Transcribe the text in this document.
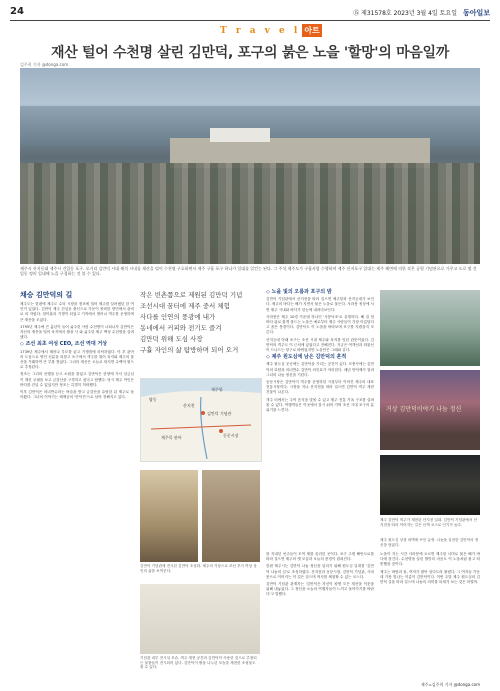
24	⑮ 제31578호 2023년 3월 4일 토요일 동아일보
T r a v e l 아트
재산 털어 수천명 살린 김만덕, 포구의 붉은 노을 '할망'의 마음일까
김주희 기자 @donga.com
제주시 산지등대 제주시 건입동 포구. 오거리 김만덕 시대 해석 시내를 재산을 털어 수천명 구호하면서 제주 구휼 포구 하나가 일대를 일컫는 된다. 그 주석 제주도가 구휼사업 수행하며 제주 산지포구 일대는 제주 해변에 의한 작은 공원 기념관으로 가꾸고 도로 옆 건입동 정비 일대에 노을 구경하는 것 볼 수 있다.
채승 김만덕의 길

제주도는 한편에 제주도 수의 시장을 정조에 열어 제주를 살려냈던 한 여인이 있었다. 김만덕 제주 건입동 출신으로 가문이 몰락한 양민에서 관비로 의 자랐다. 열아홉의 기생이 되었고 기적에서 벗어나 객주를 운영하며 큰 재산을 모았다.

1795년 제주에 큰 흉년이 들어 굶주린 사람 수천명이 나타나자 김만덕은 자신의 재산을 털어 육지에서 쌀을 사 와 굶주린 제주 백성 수천명을 살려냈다.

◇ 조선 최초 여성 CEO, 조선 역대 거상

1739년 제주에서 태어나 부모를 잃고 기생집에 의탁하였다. 이 후 관아의 도움으로 양인 신분을 되찾고 포구에서 객주를 열어 육지와 제주의 물산을 거래하여 큰 부를 쌓았다. 그녀의 재산은 오늘로 따지면 수백억 원으로 추정된다.

정조는 그녀의 선행을 듣고 소원을 물었고 김만덕은 한양에 가서 임금님이 계신 궁궐을 보고 금강산을 구경하고 싶다고 답했다. 당시 제주 여인은 바다를 건널 수 없었지만 정조는 특별히 허락했다.

이후 김만덕은 의녀반수라는 벼슬을 받고 금강산을 유람한 뒤 제주로 돌아왔다. 그녀의 이야기는 채제공의 '만덕전'으로 남아 전해지고 있다.

작은 빈촌쯤으로 제원된 김만덕 기념
조선시대 꿈터에 제주 중서 체험
사다를 인연의 풍광에 내가
동네에서 커피와 전기도 즐겨
김만덕 위해 도심 사장
구휼 자인의 삶 탐방하며 되어 오거
제주항
산지천
김만덕 기념관
동문시장
제주목 관아
탑동
김만덕 기념관에 전시된 김만덕 초상화. 제주의 거상으로 조선 후기 여성 상인의 삶을 보여준다.
기념관 내부 전시실 모습. 객주 재현 공간과 김만덕이 사용한 것으로 추정되는 물품들이 전시되어 있다. 김만덕이 쌀을 나누던 모습을 재현한 조형물도 볼 수 있다.

◇ 노을 빛의 오름과 포구의 밤

김만덕 기념관에서 산지천을 따라 걸으면 제주항과 산지등대가 보인다. 제주의 바다는 해가 지면서 붉은 노을로 물든다. 사라봉 정상에 서면 제주 시내와 바다가 한눈에 내려다보인다.

사라봉은 제주 10경 가운데 하나인 '사봉낙조'로 유명하다. 해 질 녘 바다 위로 붉게 물드는 노을은 예로부터 제주 사람들이 가장 아름답다고 꼽은 풍경이다. 김만덕도 이 노을을 바라보며 포구를 지켰을지 모른다.

산지등대 아래 포구는 조선 시대 제주와 육지를 잇던 관문이었다. 김만덕의 객주도 이 근처에 있었다고 전해진다. 지금은 여객선과 화물선이 드나드는 항구로 바뀌었지만 노을만은 그때와 같다.

◇ 제주 원도심에 남은 김만덕의 흔적

제주 원도심 곳곳에는 김만덕을 기리는 공간이 있다. 모충사에는 김만덕의 묘탑과 의녀반수 김만덕 의인묘가 자리한다. 매년 만덕제가 열려 그녀의 나눔 정신을 기린다.

동문시장은 김만덕이 객주를 운영하던 시절부터 이어진 제주의 대표 전통시장이다. 시장을 지나 산지천을 따라 걸으면 김만덕 객주 재현 건물이 나온다.

객주 터에서는 주막 음식을 맛볼 수 있고 제주 전통 가옥 구조를 살펴볼 수 있다. 여행객들은 이곳에서 잠시 쉬어 가며 조선 시대 포구의 분위기를 느낀다.	거상 김만덕이야기 나눔 정신
제주 김만덕 객주가 재현된 산지천 일대. 김만덕 기념관에서 산지천을 따라 이어지는 길은 산책 코스로 인기가 높다.
제주 원도심 상점 외벽에 쓰인 글귀. 나눔을 실천한 김만덕의 정신을 담았다.

를 지내던 선주들이 모여 제를 올리던 곳이다. 포구 주변 해안도로를 따라 걸으면 제주의 옛 모습과 오늘의 풍경이 겹쳐진다.

한편 제주시는 김만덕 나눔 정신을 알리기 위해 원도심 일대를 '김만덕 나눔의 길'로 조성하였다. 산지천과 동문시장, 김만덕 기념관, 사라봉으로 이어지는 이 길은 걸으며 역사를 체험할 수 있는 코스다.

김만덕 기념관 관계자는 '김만덕은 자신이 평생 모은 재산을 이웃을 위해 내놓았다. 그 정신을 오늘의 여행자들이 느끼고 돌아가기를 바란다'고 말했다.

노을이 지는 시간 사라봉에 오르면 제주항 너머로 붉은 해가 바다에 잠긴다. 수천명을 살린 할망의 마음도 이 노을처럼 붉고 따뜻했을 것이다.

제주는 바람과 돌, 여자가 많아 삼다도라 불렸다. 그 여자들 가운데 가장 빛나는 이름이 김만덕이다. 이번 주말 제주 원도심의 김만덕 길을 따라 걸으며 나눔의 의미를 되새겨 보는 것은 어떨까.

제주=김주희 기자 @donga.com
